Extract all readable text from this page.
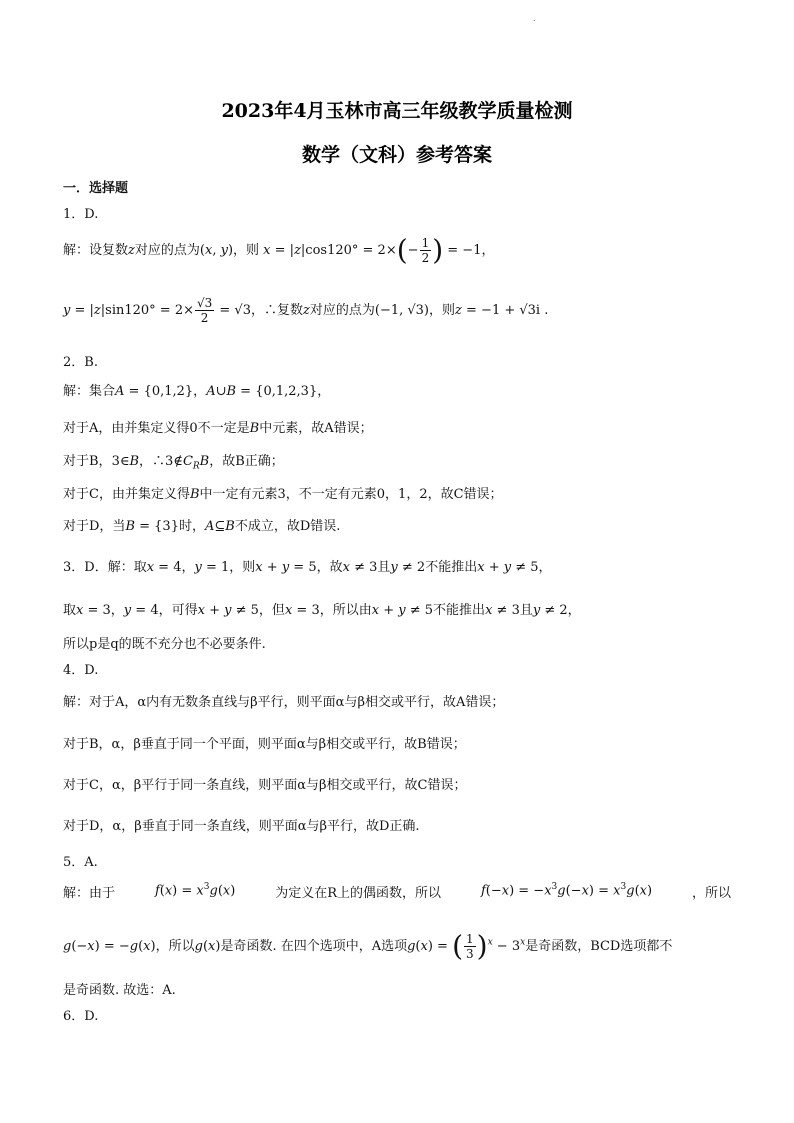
.
2023年4月玉林市高三年级教学质量检测
数学（文科）参考答案
一．选择题
1．D.
解：设复数z对应的点为(x, y)，则 $x = |z|\cos 120^\circ = 2\times(- \frac{1}{2}$ ) = −1，
$y = |z|\sin 120^\circ = 2\times \frac{√3}{2} = √3$，∴复数z对应的点为(−1, √3)，则z = −1 + √3i .
2．B.
解：集合A = {0,1,2}，A∪B = {0,1,2,3}，
对于A，由并集定义得0不一定是B中元素，故A错误；
对于B，3∈B，$\therefore 3\notin C_RB$，故B正确；
对于C，由并集定义得B中一定有元素3，不一定有元素0，1，2，故C错误；
对于D，当B = {3}时，A⊆B不成立，故D错误.
3．D．解：取x = 4，y = 1，则x + y = 5，故x ≠ 3且y ≠ 2不能推出x + y ≠ 5，
取x = 3，y = 4，可得x + y ≠ 5，但x = 3，所以由x + y ≠ 5不能推出x ≠ 3且y ≠ 2，
所以p是q的既不充分也不必要条件.
4．D.
解：对于A，α内有无数条直线与β平行，则平面α与β相交或平行，故A错误；
对于B，α，β垂直于同一个平面，则平面α与β相交或平行，故B错误；
对于C，α，β平行于同一条直线，则平面α与β相交或平行，故C错误；
对于D，α，β垂直于同一条直线，则平面α与β平行，故D正确.
5．A.
解：由于	$f(x) = x^3g(x)$	为定义在R上的偶函数，所以	$f(-x) = -x^3g(-x) = x^3g(x)$	，所以
g(−x) = −g(x)，所以g(x)是奇函数. 在四个选项中，A选项g(x) = ( $\frac{1}{3} )^x - 3^x$是奇函数，BCD选项都不
是奇函数. 故选：A.
6．D.
